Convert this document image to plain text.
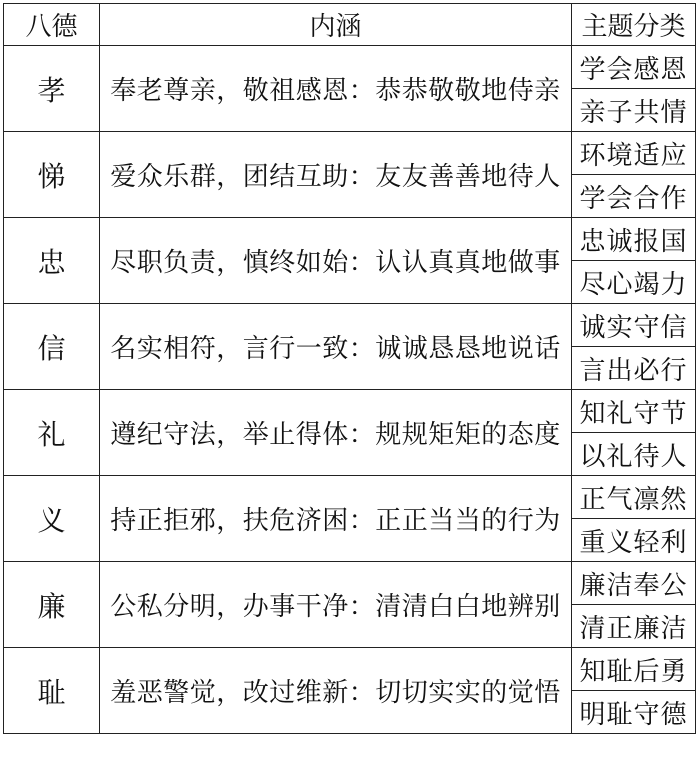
八德	内涵	主题分类
孝	奉老尊亲，敬祖感恩：恭恭敬敬地侍亲	学会感恩
		亲子共情
悌	爱众乐群，团结互助：友友善善地待人	环境适应
		学会合作
忠	尽职负责，慎终如始：认认真真地做事	忠诚报国
		尽心竭力
信	名实相符，言行一致：诚诚恳恳地说话	诚实守信
		言出必行
礼	遵纪守法，举止得体：规规矩矩的态度	知礼守节
		以礼待人
义	持正拒邪，扶危济困：正正当当的行为	正气凛然
		重义轻利
廉	公私分明，办事干净：清清白白地辨别	廉洁奉公
		清正廉洁
耻	羞恶警觉，改过维新：切切实实的觉悟	知耻后勇
		明耻守德
